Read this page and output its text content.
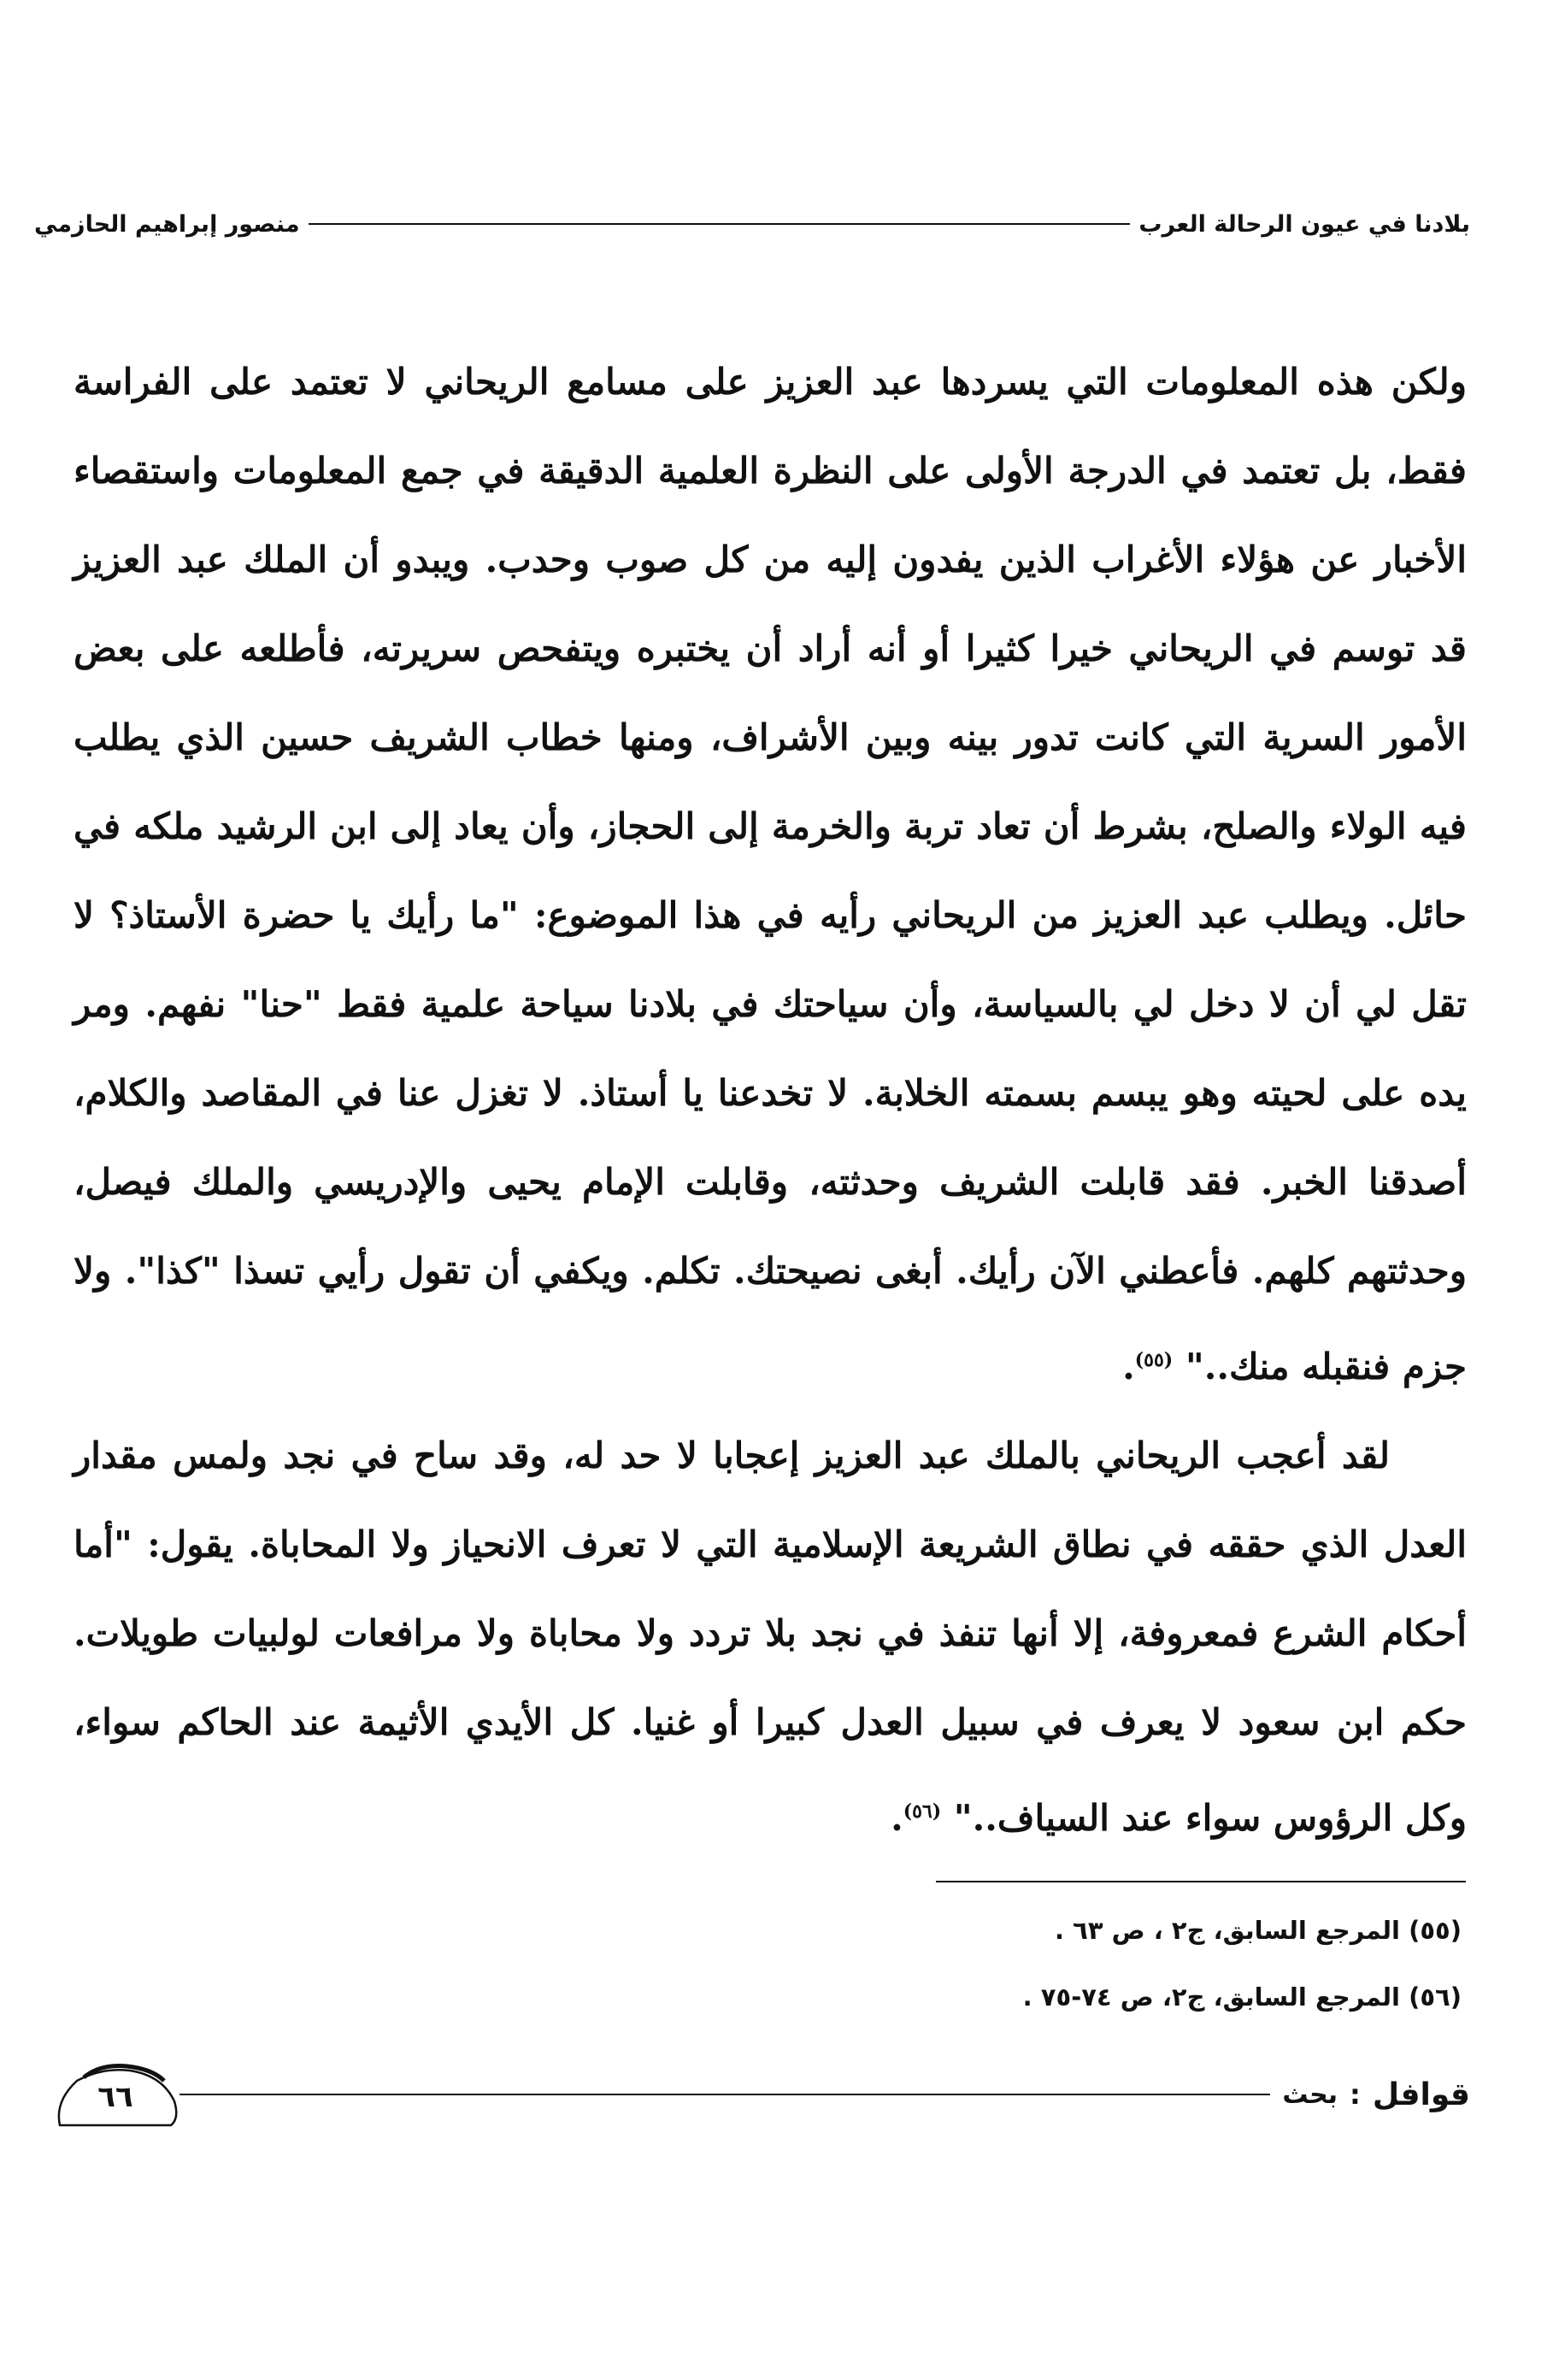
بلادنا في عيون الرحالة العرب
منصور إبراهيم الحازمي

ولكن هذه المعلومات التي يسردها عبد العزيز على مسامع الريحاني لا تعتمد على الفراسة فقط، بل تعتمد في الدرجة الأولى على النظرة العلمية الدقيقة في جمع المعلومات واستقصاء الأخبار عن هؤلاء الأغراب الذين يفدون إليه من كل صوب وحدب. ويبدو أن الملك عبد العزيز قد توسم في الريحاني خيرا كثيرا أو أنه أراد أن يختبره ويتفحص سريرته، فأطلعه على بعض الأمور السرية التي كانت تدور بينه وبين الأشراف، ومنها خطاب الشريف حسين الذي يطلب فيه الولاء والصلح، بشرط أن تعاد تربة والخرمة إلى الحجاز، وأن يعاد إلى ابن الرشيد ملكه في حائل. ويطلب عبد العزيز من الريحاني رأيه في هذا الموضوع: "ما رأيك يا حضرة الأستاذ؟ لا تقل لي أن لا دخل لي بالسياسة، وأن سياحتك في بلادنا سياحة علمية فقط "حنا" نفهم. ومر يده على لحيته وهو يبسم بسمته الخلابة. لا تخدعنا يا أستاذ. لا تغزل عنا في المقاصد والكلام، أصدقنا الخبر. فقد قابلت الشريف وحدثته، وقابلت الإمام يحيى والإدريسي والملك فيصل، وحدثتهم كلهم. فأعطني الآن رأيك. أبغى نصيحتك. تكلم. ويكفي أن تقول رأيي تسذا "كذا". ولا جزم فنقبله منك.." $^{(٥٥)}$.

لقد أعجب الريحاني بالملك عبد العزيز إعجابا لا حد له، وقد ساح في نجد ولمس مقدار العدل الذي حققه في نطاق الشريعة الإسلامية التي لا تعرف الانحياز ولا المحاباة. يقول: "أما أحكام الشرع فمعروفة، إلا أنها تنفذ في نجد بلا تردد ولا محاباة ولا مرافعات لولبيات طويلات. حكم ابن سعود لا يعرف في سبيل العدل كبيرا أو غنيا. كل الأيدي الأثيمة عند الحاكم سواء، وكل الرؤوس سواء عند السياف.." $^{(٥٦)}$.

(٥٥) المرجع السابق، ج٢ ، ص ٦٣ .

(٥٦) المرجع السابق، ج٢، ص ٧٤-٧٥ .

قوافل
:
بحث
٦٦
